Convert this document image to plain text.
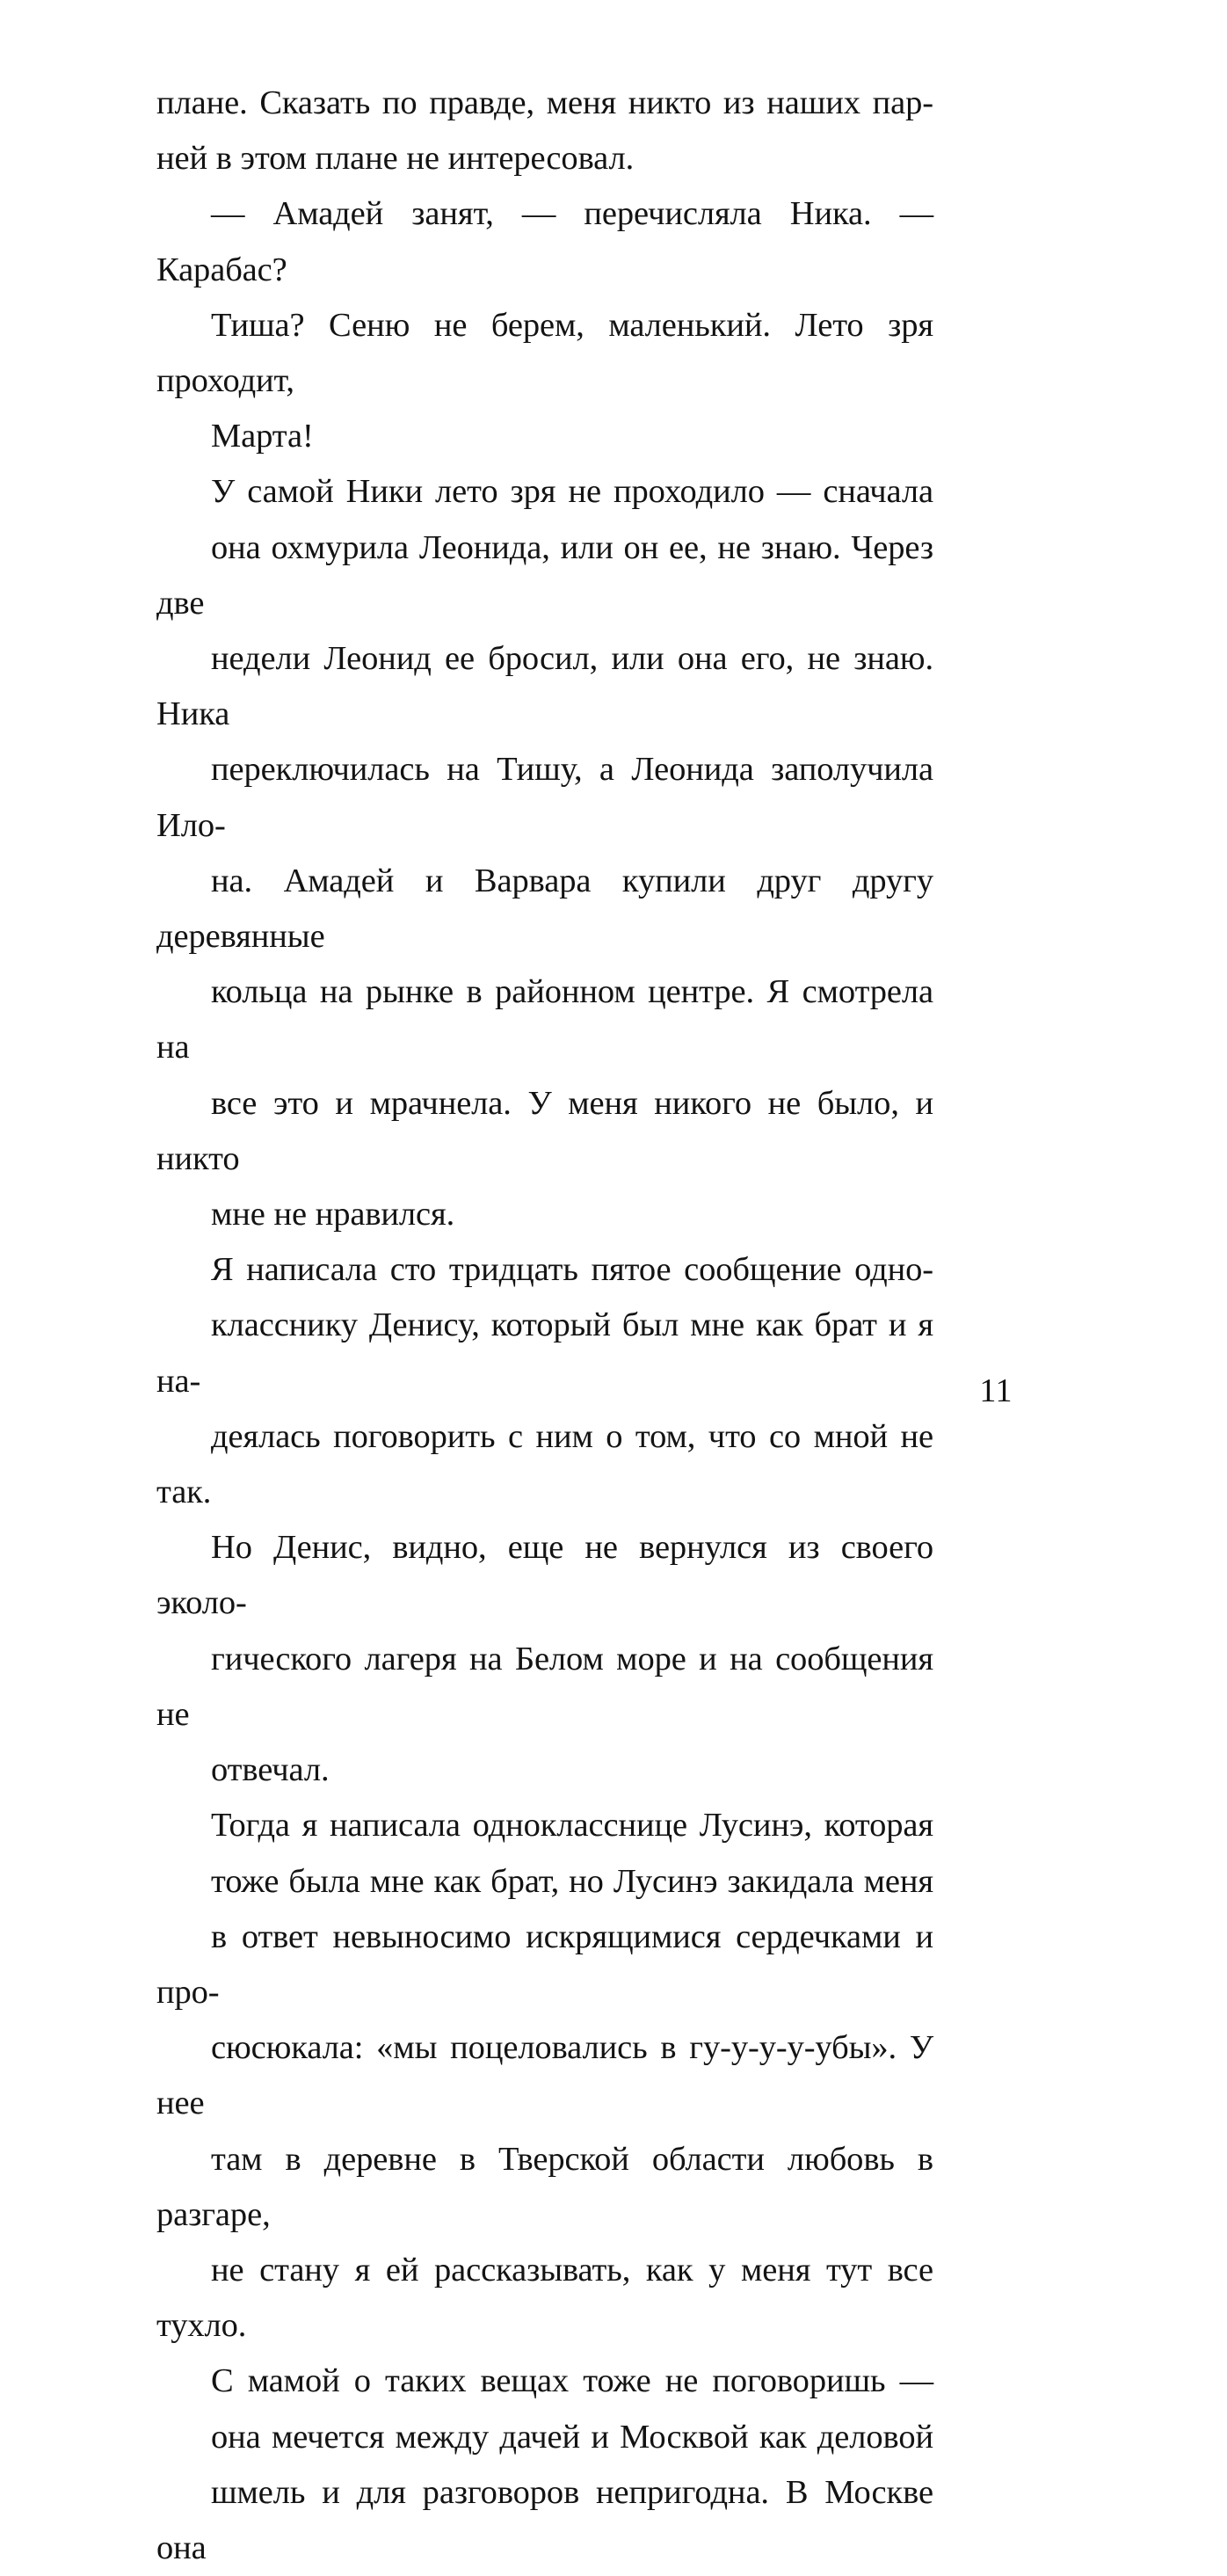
плане. Сказать по правде, меня никто из наших пар-
ней в этом плане не интересовал.

— Амадей занят, — перечисляла Ника. — Карабас?
Тиша? Сеню не берем, маленький. Лето зря проходит,
Марта!

У самой Ники лето зря не проходило — сначала
она охмурила Леонида, или он ее, не знаю. Через две
недели Леонид ее бросил, или она его, не знаю. Ника
переключилась на Тишу, а Леонида заполучила Ило-
на. Амадей и Варвара купили друг другу деревянные
кольца на рынке в районном центре. Я смотрела на
все это и мрачнела. У меня никого не было, и никто
мне не нравился.

Я написала сто тридцать пятое сообщение одно-
класснику Денису, который был мне как брат и я на-
деялась поговорить с ним о том, что со мной не так.
Но Денис, видно, еще не вернулся из своего эколо-
гического лагеря на Белом море и на сообщения не
отвечал.

Тогда я написала однокласснице Лусинэ, которая
тоже была мне как брат, но Лусинэ закидала меня
в ответ невыносимо искрящимися сердечками и про-
сюсюкала: «мы поцеловались в гу-у-у-у-убы». У нее
там в деревне в Тверской области любовь в разгаре,
не стану я ей рассказывать, как у меня тут все тухло.

С мамой о таких вещах тоже не поговоришь —
она мечется между дачей и Москвой как деловой
шмель и для разговоров непригодна. В Москве она

11
